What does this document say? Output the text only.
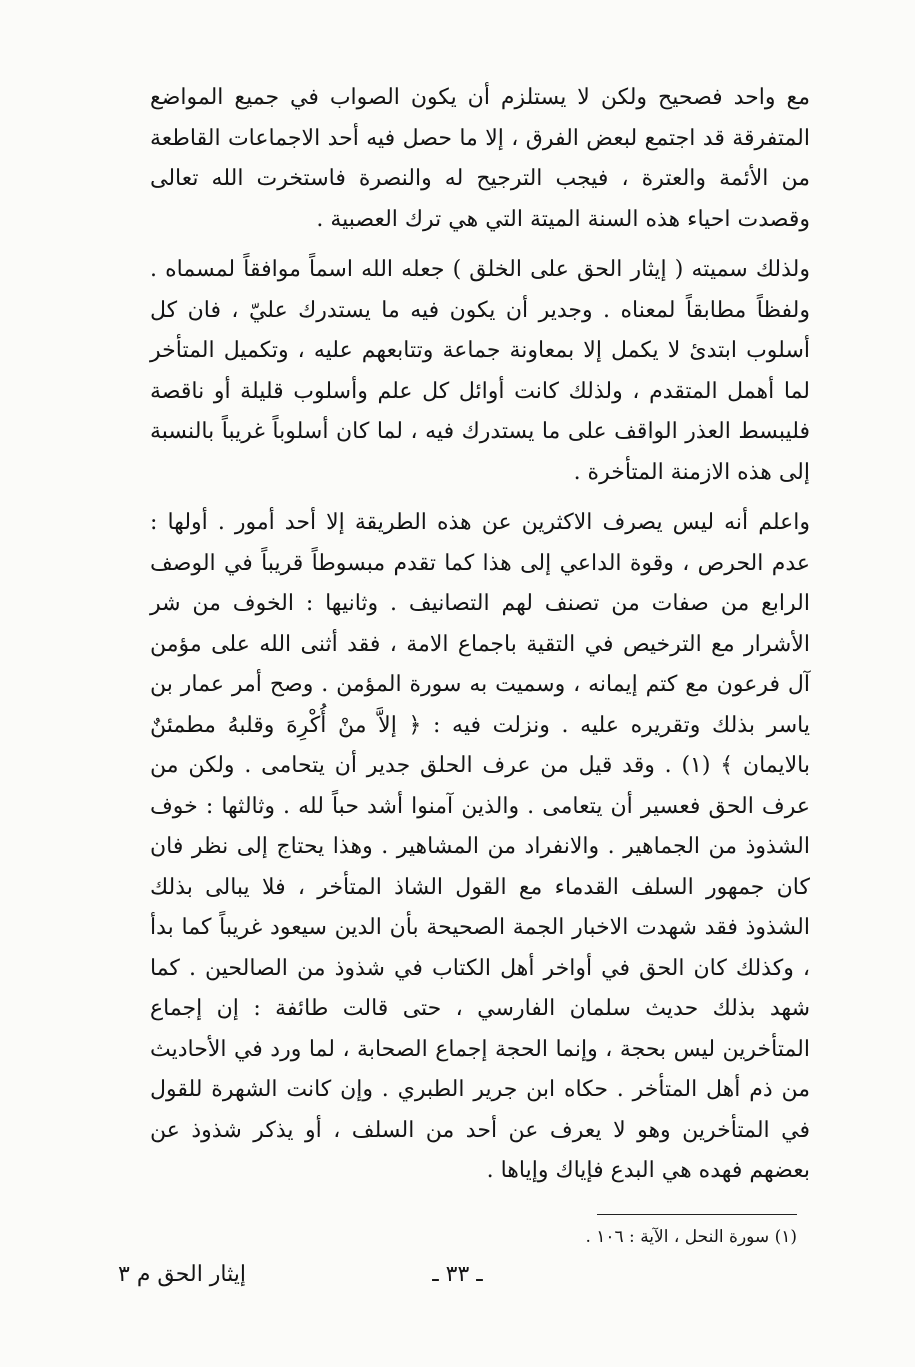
مع واحد فصحيح ولكن لا يستلزم أن يكون الصواب في جميع المواضع المتفرقة قد اجتمع لبعض الفرق ، إلا ما حصل فيه أحد الاجماعات القاطعة من الأئمة والعترة ، فيجب الترجيح له والنصرة فاستخرت الله تعالى وقصدت احياء هذه السنة الميتة التي هي ترك العصبية .

ولذلك سميته ( إيثار الحق على الخلق ) جعله الله اسماً موافقاً لمسماه . ولفظاً مطابقاً لمعناه . وجدير أن يكون فيه ما يستدرك عليّ ، فان كل أسلوب ابتدئ لا يكمل إلا بمعاونة جماعة وتتابعهم عليه ، وتكميل المتأخر لما أهمل المتقدم ، ولذلك كانت أوائل كل علم وأسلوب قليلة أو ناقصة فليبسط العذر الواقف على ما يستدرك فيه ، لما كان أسلوباً غريباً بالنسبة إلى هذه الازمنة المتأخرة .

واعلم أنه ليس يصرف الاكثرين عن هذه الطريقة إلا أحد أمور . أولها : عدم الحرص ، وقوة الداعي إلى هذا كما تقدم مبسوطاً قريباً في الوصف الرابع من صفات من تصنف لهم التصانيف . وثانيها : الخوف من شر الأشرار مع الترخيص في التقية باجماع الامة ، فقد أثنى الله على مؤمن آل فرعون مع كتم إيمانه ، وسميت به سورة المؤمن . وصح أمر عمار بن ياسر بذلك وتقريره عليه . ونزلت فيه : ﴿ إلاَّ منْ أُكْرِهَ وقلبهُ مطمئنٌ بالايمان ﴾ (١) . وقد قيل من عرف الحلق جدير أن يتحامى . ولكن من عرف الحق فعسير أن يتعامى . والذين آمنوا أشد حباً لله . وثالثها : خوف الشذوذ من الجماهير . والانفراد من المشاهير . وهذا يحتاج إلى نظر فان كان جمهور السلف القدماء مع القول الشاذ المتأخر ، فلا يبالى بذلك الشذوذ فقد شهدت الاخبار الجمة الصحيحة بأن الدين سيعود غريباً كما بدأ ، وكذلك كان الحق في أواخر أهل الكتاب في شذوذ من الصالحين . كما شهد بذلك حديث سلمان الفارسي ، حتى قالت طائفة : إن إجماع المتأخرين ليس بحجة ، وإنما الحجة إجماع الصحابة ، لما ورد في الأحاديث من ذم أهل المتأخر . حكاه ابن جرير الطبري . وإن كانت الشهرة للقول في المتأخرين وهو لا يعرف عن أحد من السلف ، أو يذكر شذوذ عن بعضهم فهده هي البدع فإياك وإياها .

(١) سورة النحل ، الآية : ١٠٦ .
ـ ٣٣ ـ
إيثار الحق م ٣
